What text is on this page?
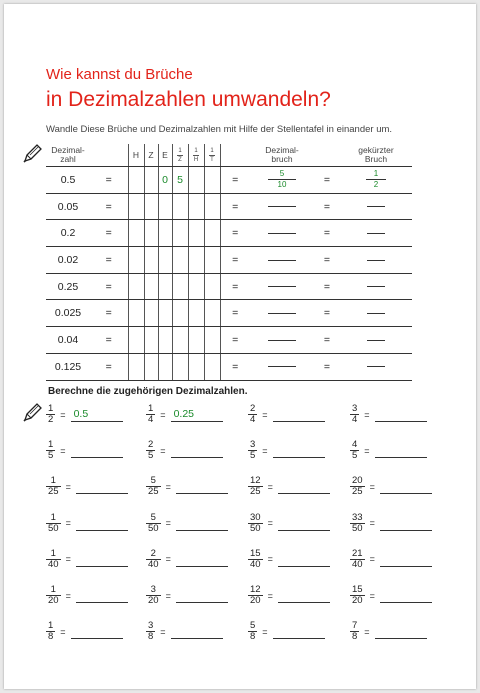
Wie kannst du Brüche
in Dezimalzahlen umwandeln?
Wandle Diese Brüche und Dezimalzahlen mit Hilfe der Stellentafel in einander um.
Dezimal-
zahl		H	Z	E	$\frac{1}{Z}$	$\frac{1}{H}$	$\frac{1}{T}$		Dezimal-
bruch		gekürzter
Bruch
0.5	=			0	5			=	$\frac{5}{10}$	=	$\frac{1}{2}$

0.05	=							=		=	
0.2	=							=		=	
0.02	=							=		=	
0.25	=							=		=	
0.025	=							=		=	
0.04	=							=		=	
0.125	=							=		=	
Berechne die zugehörigen Dezimalzahlen.
$\frac{1}{2} = 0.5$	$\frac{1}{4} = 0.25$	$\frac{2}{4}$ =	$\frac{3}{4}$ =
$\frac{1}{5}$ =	$\frac{2}{5}$ =	$\frac{3}{5}$ =	$\frac{4}{5}$ =
$\frac{1}{25}$ =	$\frac{5}{25}$ =	$\frac{12}{25}$ =	$\frac{20}{25}$ =
$\frac{1}{50}$ =	$\frac{5}{50}$ =	$\frac{30}{50}$ =	$\frac{33}{50}$ =
$\frac{1}{40}$ =	$\frac{2}{40}$ =	$\frac{15}{40}$ =	$\frac{21}{40}$ =
$\frac{1}{20}$ =	$\frac{3}{20}$ =	$\frac{12}{20}$ =	$\frac{15}{20}$ =
$\frac{1}{8}$ =	$\frac{3}{8}$ =	$\frac{5}{8}$ =	$\frac{7}{8}$ =
